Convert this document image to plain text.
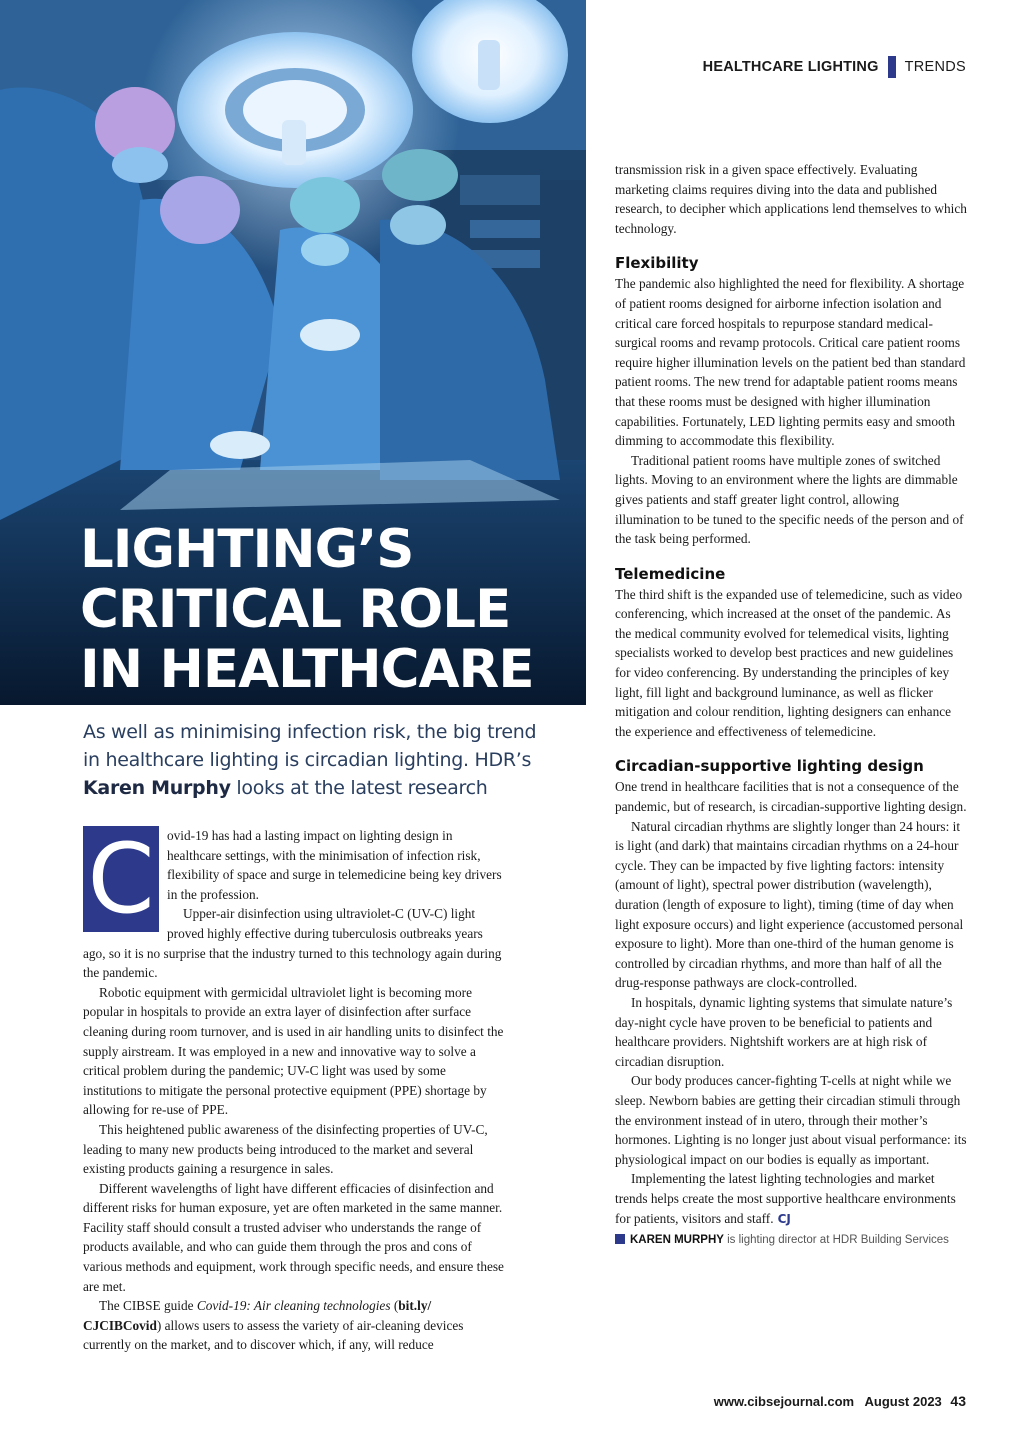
LIGHTING’S
CRITICAL ROLE
IN HEALTHCARE
HEALTHCARE LIGHTING TRENDS

As well as minimising infection risk, the big trend in healthcare lighting is circadian lighting. HDR’s Karen Murphy looks at the latest research

C ovid-19 has had a lasting impact on lighting design in healthcare settings, with the minimisation of infection risk, flexibility of space and surge in telemedicine being key drivers in the profession.

Upper-air disinfection using ultraviolet-C (UV-C) light proved highly effective during tuberculosis outbreaks years ago, so it is no surprise that the industry turned to this technology again during the pandemic.

Robotic equipment with germicidal ultraviolet light is becoming more popular in hospitals to provide an extra layer of disinfection after surface cleaning during room turnover, and is used in air handling units to disinfect the supply airstream. It was employed in a new and innovative way to solve a critical problem during the pandemic; UV-C light was used by some institutions to mitigate the personal protective equipment (PPE) shortage by allowing for re-use of PPE.

This heightened public awareness of the disinfecting properties of UV-C, leading to many new products being introduced to the market and several existing products gaining a resurgence in sales.

Different wavelengths of light have different efficacies of disinfection and different risks for human exposure, yet are often marketed in the same manner. Facility staff should consult a trusted adviser who understands the range of products available, and who can guide them through the pros and cons of various methods and equipment, work through specific needs, and ensure these are met.

The CIBSE guide Covid-19: Air cleaning technologies (bit.ly/ CJCIBCovid) allows users to assess the variety of air-cleaning devices currently on the market, and to discover which, if any, will reduce

transmission risk in a given space effectively. Evaluating marketing claims requires diving into the data and published research, to decipher which applications lend themselves to which technology.

Flexibility

The pandemic also highlighted the need for flexibility. A shortage of patient rooms designed for airborne infection isolation and critical care forced hospitals to repurpose standard medical-surgical rooms and revamp protocols. Critical care patient rooms require higher illumination levels on the patient bed than standard patient rooms. The new trend for adaptable patient rooms means that these rooms must be designed with higher illumination capabilities. Fortunately, LED lighting permits easy and smooth dimming to accommodate this flexibility.

Traditional patient rooms have multiple zones of switched lights. Moving to an environment where the lights are dimmable gives patients and staff greater light control, allowing illumination to be tuned to the specific needs of the person and of the task being performed.

Telemedicine

The third shift is the expanded use of telemedicine, such as video conferencing, which increased at the onset of the pandemic. As the medical community evolved for telemedical visits, lighting specialists worked to develop best practices and new guidelines for video conferencing. By understanding the principles of key light, fill light and background luminance, as well as flicker mitigation and colour rendition, lighting designers can enhance the experience and effectiveness of telemedicine.

Circadian-supportive lighting design

One trend in healthcare facilities that is not a consequence of the pandemic, but of research, is circadian-supportive lighting design.

Natural circadian rhythms are slightly longer than 24 hours: it is light (and dark) that maintains circadian rhythms on a 24-hour cycle. They can be impacted by five lighting factors: intensity (amount of light), spectral power distribution (wavelength), duration (length of exposure to light), timing (time of day when light exposure occurs) and light experience (accustomed personal exposure to light). More than one-third of the human genome is controlled by circadian rhythms, and more than half of all the drug-response pathways are clock-controlled.

In hospitals, dynamic lighting systems that simulate nature’s day-night cycle have proven to be beneficial to patients and healthcare providers. Nightshift workers are at high risk of circadian disruption.

Our body produces cancer-fighting T-cells at night while we sleep. Newborn babies are getting their circadian stimuli through the environment instead of in utero, through their mother’s hormones. Lighting is no longer just about visual performance: its physiological impact on our bodies is equally as important.

Implementing the latest lighting technologies and market trends helps create the most supportive healthcare environments for patients, visitors and staff. CJ

KAREN MURPHY is lighting director at HDR Building Services
www.cibsejournal.com August 2023 43
